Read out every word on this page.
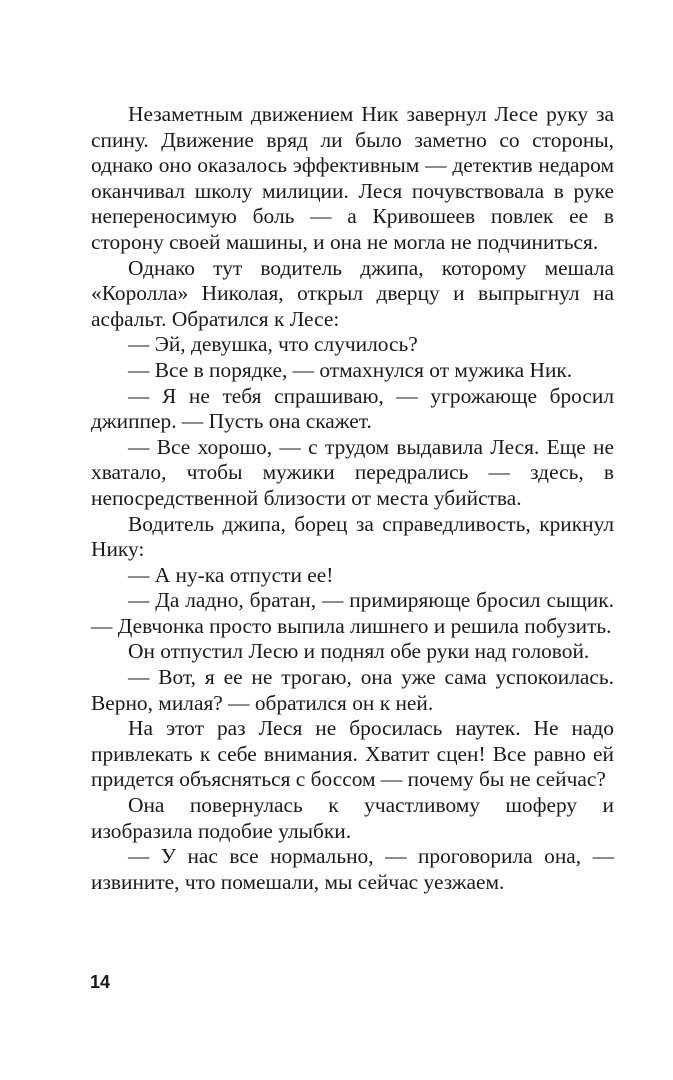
Незаметным движением Ник завернул Лесе руку за спину. Движение вряд ли было заметно со стороны, однако оно оказалось эффективным — детектив недаром оканчивал школу милиции. Леся почувствовала в руке непереносимую боль — а Кривошеев повлек ее в сторону своей машины, и она не могла не подчиниться.

Однако тут водитель джипа, которому мешала «Королла» Николая, открыл дверцу и выпрыгнул на асфальт. Обратился к Лесе:

— Эй, девушка, что случилось?

— Все в порядке, — отмахнулся от мужика Ник.

— Я не тебя спрашиваю, — угрожающе бросил джиппер. — Пусть она скажет.

— Все хорошо, — с трудом выдавила Леся. Еще не хватало, чтобы мужики передрались — здесь, в непосредственной близости от места убийства.

Водитель джипа, борец за справедливость, крикнул Нику:

— А ну-ка отпусти ее!

— Да ладно, братан, — примиряюще бросил сыщик. — Девчонка просто выпила лишнего и решила побузить.

Он отпустил Лесю и поднял обе руки над головой.

— Вот, я ее не трогаю, она уже сама успокоилась. Верно, милая? — обратился он к ней.

На этот раз Леся не бросилась наутек. Не надо привлекать к себе внимания. Хватит сцен! Все равно ей придется объясняться с боссом — почему бы не сейчас?

Она повернулась к участливому шоферу и изобразила подобие улыбки.

— У нас все нормально, — проговорила она, — извините, что помешали, мы сейчас уезжаем.

14
